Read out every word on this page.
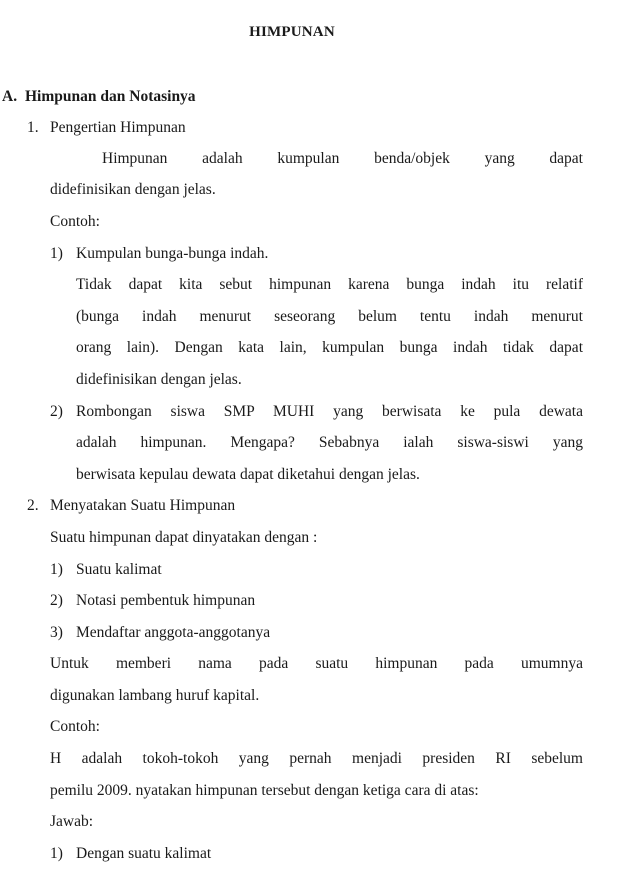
HIMPUNAN
A. Himpunan dan Notasinya
1. Pengertian Himpunan
Himpunan adalah kumpulan benda/objek yang dapat
didefinisikan dengan jelas.
Contoh:
1) Kumpulan bunga-bunga indah.
Tidak dapat kita sebut himpunan karena bunga indah itu relatif
(bunga indah menurut seseorang belum tentu indah menurut
orang lain). Dengan kata lain, kumpulan bunga indah tidak dapat
didefinisikan dengan jelas.
2) Rombongan siswa SMP MUHI yang berwisata ke pula dewata
adalah himpunan. Mengapa? Sebabnya ialah siswa-siswi yang
berwisata kepulau dewata dapat diketahui dengan jelas.
2. Menyatakan Suatu Himpunan
Suatu himpunan dapat dinyatakan dengan :
1) Suatu kalimat
2) Notasi pembentuk himpunan
3) Mendaftar anggota-anggotanya
Untuk memberi nama pada suatu himpunan pada umumnya
digunakan lambang huruf kapital.
Contoh:
H adalah tokoh-tokoh yang pernah menjadi presiden RI sebelum
pemilu 2009. nyatakan himpunan tersebut dengan ketiga cara di atas:
Jawab:
1) Dengan suatu kalimat
